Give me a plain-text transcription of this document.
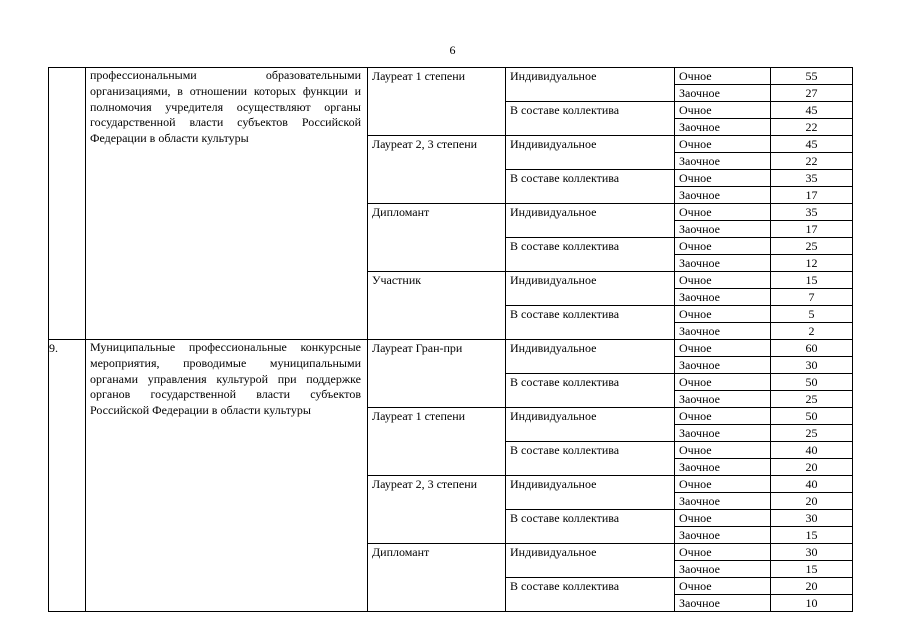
6
	профессиональными образовательными организациями, в отношении которых функции и полномочия учредителя осуществляют органы государственной власти субъектов Российской Федерации в области культуры	Лауреат 1 степени	Индивидуальное	Очное	55
				Заочное	27
			В составе коллектива	Очное	45
				Заочное	22
		Лауреат 2, 3 степени	Индивидуальное	Очное	45
				Заочное	22
			В составе коллектива	Очное	35
				Заочное	17
		Дипломант	Индивидуальное	Очное	35
				Заочное	17
			В составе коллектива	Очное	25
				Заочное	12
		Участник	Индивидуальное	Очное	15
				Заочное	7
			В составе коллектива	Очное	5
				Заочное	2
9.	Муниципальные профессиональные конкурсные мероприятия, проводимые муниципальными органами управления культурой при поддержке органов государственной власти субъектов Российской Федерации в области культуры	Лауреат Гран-при	Индивидуальное	Очное	60
				Заочное	30
			В составе коллектива	Очное	50
				Заочное	25
		Лауреат 1 степени	Индивидуальное	Очное	50
				Заочное	25
			В составе коллектива	Очное	40
				Заочное	20
		Лауреат 2, 3 степени	Индивидуальное	Очное	40
				Заочное	20
			В составе коллектива	Очное	30
				Заочное	15
		Дипломант	Индивидуальное	Очное	30
				Заочное	15
			В составе коллектива	Очное	20
				Заочное	10
